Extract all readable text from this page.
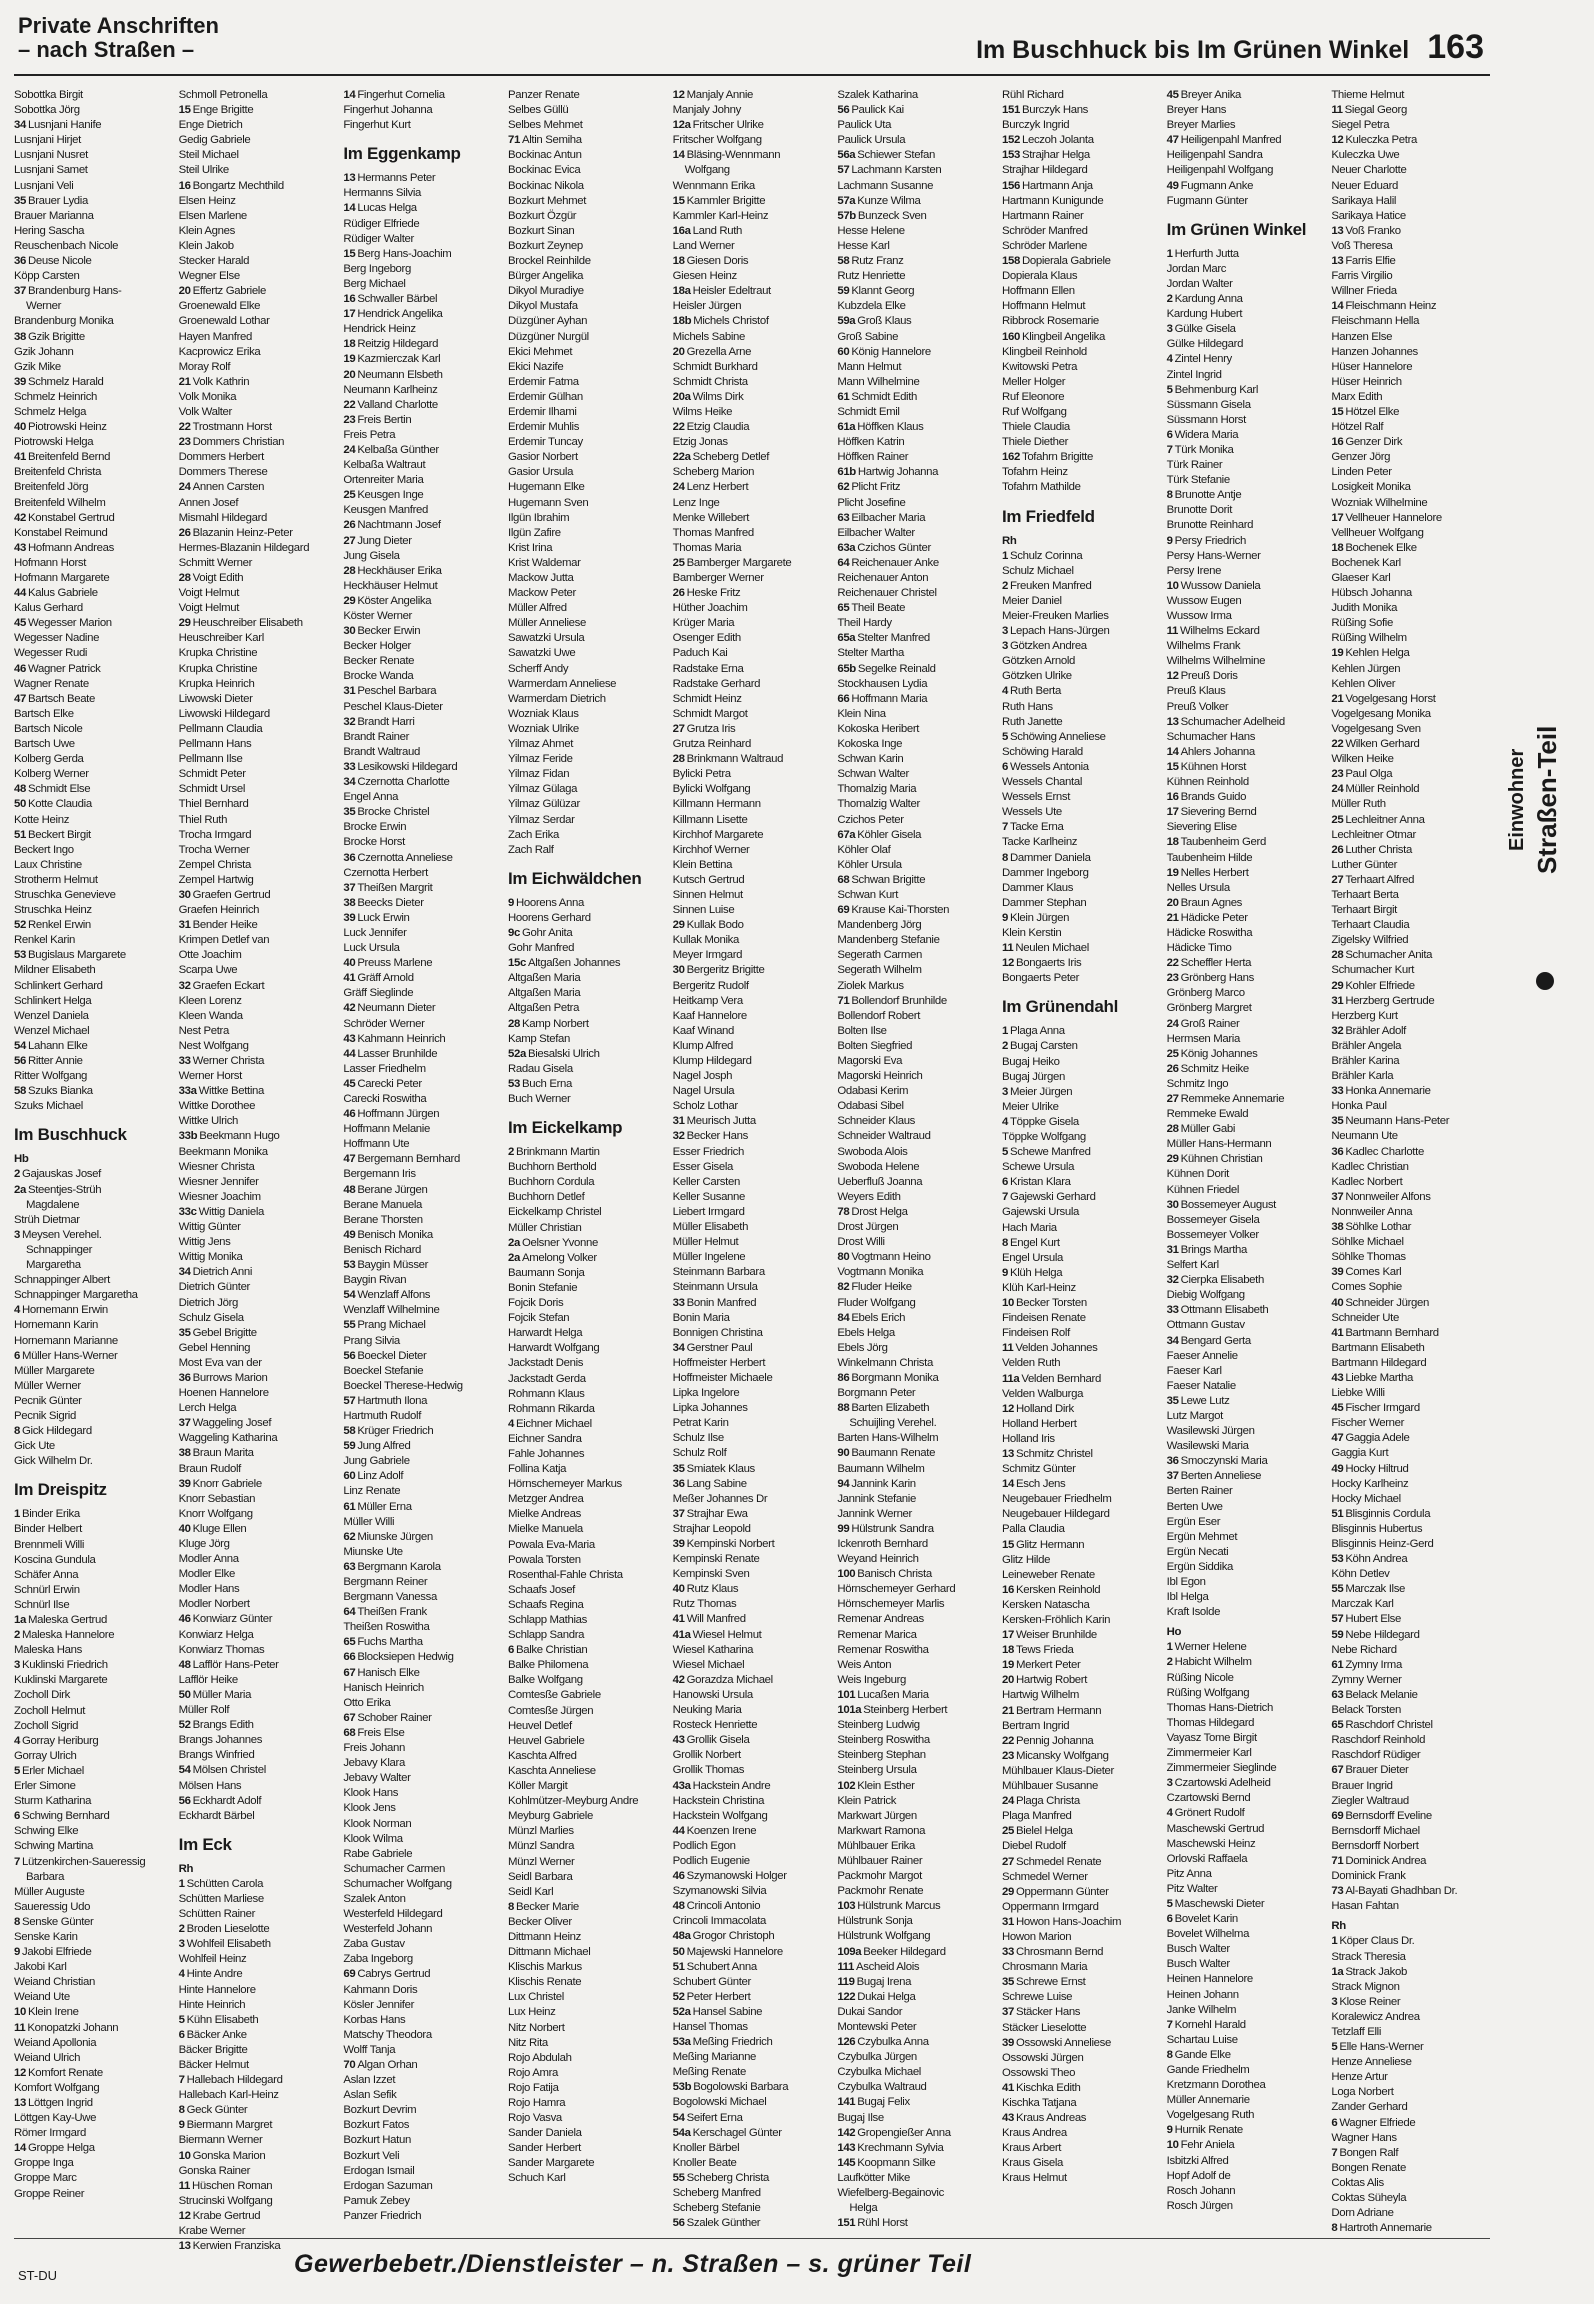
Private Anschriften
– nach Straßen –	Im Buschhuck bis Im Grünen Winkel 163
Sobottka Birgit
Sobottka Jörg
34 Lusnjani Hanife
Lusnjani Hirjet
Lusnjani Nusret
Lusnjani Samet
Lusnjani Veli
35 Brauer Lydia
Brauer Marianna
Hering Sascha
Reuschenbach Nicole
36 Deuse Nicole
Köpp Carsten
37 Brandenburg Hans-
Werner
Brandenburg Monika
38 Gzik Brigitte
Gzik Johann
Gzik Mike
39 Schmelz Harald
Schmelz Heinrich
Schmelz Helga
40 Piotrowski Heinz
Piotrowski Helga
41 Breitenfeld Bernd
Breitenfeld Christa
Breitenfeld Jörg
Breitenfeld Wilhelm
42 Konstabel Gertrud
Konstabel Reimund
43 Hofmann Andreas
Hofmann Horst
Hofmann Margarete
44 Kalus Gabriele
Kalus Gerhard
45 Wegesser Marion
Wegesser Nadine
Wegesser Rudi
46 Wagner Patrick
Wagner Renate
47 Bartsch Beate
Bartsch Elke
Bartsch Nicole
Bartsch Uwe
Kolberg Gerda
Kolberg Werner
48 Schmidt Else
50 Kotte Claudia
Kotte Heinz
51 Beckert Birgit
Beckert Ingo
Laux Christine
Strotherm Helmut
Struschka Genevieve
Struschka Heinz
52 Renkel Erwin
Renkel Karin
53 Bugislaus Margarete
Mildner Elisabeth
Schlinkert Gerhard
Schlinkert Helga
Wenzel Daniela
Wenzel Michael
54 Lahann Elke
56 Ritter Annie
Ritter Wolfgang
58 Szuks Bianka
Szuks Michael
Im Buschhuck
Hb
2 Gajauskas Josef
2a Steentjes-Strüh
Magdalene
Strüh Dietmar
3 Meysen Verehel.
Schnappinger
Margaretha
Schnappinger Albert
Schnappinger Margaretha
4 Hornemann Erwin
Hornemann Karin
Hornemann Marianne
6 Müller Hans-Werner
Müller Margarete
Müller Werner
Pecnik Günter
Pecnik Sigrid
8 Gick Hildegard
Gick Ute
Gick Wilhelm Dr.
Im Dreispitz
1 Binder Erika
Binder Helbert
Brennmeli Willi
Koscina Gundula
Schäfer Anna
Schnürl Erwin
Schnürl Ilse
1a Maleska Gertrud
2 Maleska Hannelore
Maleska Hans
3 Kuklinski Friedrich
Kuklinski Margarete
Zocholl Dirk
Zocholl Helmut
Zocholl Sigrid
4 Gorray Heriburg
Gorray Ulrich
5 Erler Michael
Erler Simone
Sturm Katharina
6 Schwing Bernhard
Schwing Elke
Schwing Martina
7 Lützenkirchen-Saueressig
Barbara
Müller Auguste
Saueressig Udo
8 Senske Günter
Senske Karin
9 Jakobi Elfriede
Jakobi Karl
Weiand Christian
Weiand Ute
10 Klein Irene
11 Konopatzki Johann
Weiand Apollonia
Weiand Ulrich
12 Komfort Renate
Komfort Wolfgang
13 Löttgen Ingrid
Löttgen Kay-Uwe
Römer Irmgard
14 Groppe Helga
Groppe Inga
Groppe Marc
Groppe Reiner
Schmoll Petronella
15 Enge Brigitte
Enge Dietrich
Gedig Gabriele
Steil Michael
Steil Ulrike
16 Bongartz Mechthild
Elsen Heinz
Elsen Marlene
Klein Agnes
Klein Jakob
Stecker Harald
Wegner Else
20 Effertz Gabriele
Groenewald Elke
Groenewald Lothar
Hayen Manfred
Kacprowicz Erika
Moray Rolf
21 Volk Kathrin
Volk Monika
Volk Walter
22 Trostmann Horst
23 Dommers Christian
Dommers Herbert
Dommers Therese
24 Annen Carsten
Annen Josef
Mismahl Hildegard
26 Blazanin Heinz-Peter
Hermes-Blazanin Hildegard
Schmitt Werner
28 Voigt Edith
Voigt Helmut
Voigt Helmut
29 Heuschreiber Elisabeth
Heuschreiber Karl
Krupka Christine
Krupka Christine
Krupka Heinrich
Liwowski Dieter
Liwowski Hildegard
Pellmann Claudia
Pellmann Hans
Pellmann Ilse
Schmidt Peter
Schmidt Ursel
Thiel Bernhard
Thiel Ruth
Trocha Irmgard
Trocha Werner
Zempel Christa
Zempel Hartwig
30 Graefen Gertrud
Graefen Heinrich
31 Bender Heike
Krimpen Detlef van
Otte Joachim
Scarpa Uwe
32 Graefen Eckart
Kleen Lorenz
Kleen Wanda
Nest Petra
Nest Wolfgang
33 Werner Christa
Werner Horst
33a Wittke Bettina
Wittke Dorothee
Wittke Ulrich
33b Beekmann Hugo
Beekmann Monika
Wiesner Christa
Wiesner Jennifer
Wiesner Joachim
33c Wittig Daniela
Wittig Günter
Wittig Jens
Wittig Monika
34 Dietrich Anni
Dietrich Günter
Dietrich Jörg
Schulz Gisela
35 Gebel Brigitte
Gebel Henning
Most Eva van der
36 Burrows Marion
Hoenen Hannelore
Lerch Helga
37 Waggeling Josef
Waggeling Katharina
38 Braun Marita
Braun Rudolf
39 Knorr Gabriele
Knorr Sebastian
Knorr Wolfgang
40 Kluge Ellen
Kluge Jörg
Modler Anna
Modler Elke
Modler Hans
Modler Norbert
46 Konwiarz Günter
Konwiarz Helga
Konwiarz Thomas
48 Lafflör Hans-Peter
Lafflör Heike
50 Müller Maria
Müller Rolf
52 Brangs Edith
Brangs Johannes
Brangs Winfried
54 Mölsen Christel
Mölsen Hans
56 Eckhardt Adolf
Eckhardt Bärbel
Im Eck
Rh
1 Schütten Carola
Schütten Marliese
Schütten Rainer
2 Broden Lieselotte
3 Wohlfeil Elisabeth
Wohlfeil Heinz
4 Hinte Andre
Hinte Hannelore
Hinte Heinrich
5 Kühn Elisabeth
6 Bäcker Anke
Bäcker Brigitte
Bäcker Helmut
7 Hallebach Hildegard
Hallebach Karl-Heinz
8 Geck Günter
9 Biermann Margret
Biermann Werner
10 Gonska Marion
Gonska Rainer
11 Hüschen Roman
Strucinski Wolfgang
12 Krabe Gertrud
Krabe Werner
13 Kerwien Franziska
14 Fingerhut Cornelia
Fingerhut Johanna
Fingerhut Kurt
Im Eggenkamp
13 Hermanns Peter
Hermanns Silvia
14 Lucas Helga
Rüdiger Elfriede
Rüdiger Walter
15 Berg Hans-Joachim
Berg Ingeborg
Berg Michael
16 Schwaller Bärbel
17 Hendrick Angelika
Hendrick Heinz
18 Reitzig Hildegard
19 Kazmierczak Karl
20 Neumann Elsbeth
Neumann Karlheinz
22 Valland Charlotte
23 Freis Bertin
Freis Petra
24 Kelbaßa Günther
Kelbaßa Waltraut
Ortenreiter Maria
25 Keusgen Inge
Keusgen Manfred
26 Nachtmann Josef
27 Jung Dieter
Jung Gisela
28 Heckhäuser Erika
Heckhäuser Helmut
29 Köster Angelika
Köster Werner
30 Becker Erwin
Becker Holger
Becker Renate
Brocke Wanda
31 Peschel Barbara
Peschel Klaus-Dieter
32 Brandt Harri
Brandt Rainer
Brandt Waltraud
33 Lesikowski Hildegard
34 Czernotta Charlotte
Engel Anna
35 Brocke Christel
Brocke Erwin
Brocke Horst
36 Czernotta Anneliese
Czernotta Herbert
37 Theißen Margrit
38 Beecks Dieter
39 Luck Erwin
Luck Jennifer
Luck Ursula
40 Preuss Marlene
41 Gräff Arnold
Gräff Sieglinde
42 Neumann Dieter
Schröder Werner
43 Kahmann Heinrich
44 Lasser Brunhilde
Lasser Friedhelm
45 Carecki Peter
Carecki Roswitha
46 Hoffmann Jürgen
Hoffmann Melanie
Hoffmann Ute
47 Bergemann Bernhard
Bergemann Iris
48 Berane Jürgen
Berane Manuela
Berane Thorsten
49 Benisch Monika
Benisch Richard
53 Baygin Müsser
Baygin Rivan
54 Wenzlaff Alfons
Wenzlaff Wilhelmine
55 Prang Michael
Prang Silvia
56 Boeckel Dieter
Boeckel Stefanie
Boeckel Therese-Hedwig
57 Hartmuth Ilona
Hartmuth Rudolf
58 Krüger Friedrich
59 Jung Alfred
Jung Gabriele
60 Linz Adolf
Linz Renate
61 Müller Erna
Müller Willi
62 Miunske Jürgen
Miunske Ute
63 Bergmann Karola
Bergmann Reiner
Bergmann Vanessa
64 Theißen Frank
Theißen Roswitha
65 Fuchs Martha
66 Blocksiepen Hedwig
67 Hanisch Elke
Hanisch Heinrich
Otto Erika
67 Schober Rainer
68 Freis Else
Freis Johann
Jebavy Klara
Jebavy Walter
Klook Hans
Klook Jens
Klook Norman
Klook Wilma
Rabe Gabriele
Schumacher Carmen
Schumacher Wolfgang
Szalek Anton
Westerfeld Hildegard
Westerfeld Johann
Zaba Gustav
Zaba Ingeborg
69 Cabrys Gertrud
Kahmann Doris
Kösler Jennifer
Korbas Hans
Matschy Theodora
Wolff Tanja
70 Algan Orhan
Aslan Izzet
Aslan Sefik
Bozkurt Devrim
Bozkurt Fatos
Bozkurt Hatun
Bozkurt Veli
Erdogan Ismail
Erdogan Sazuman
Pamuk Zebey
Panzer Friedrich
Panzer Renate
Selbes Güllü
Selbes Mehmet
71 Altin Semiha
Bockinac Antun
Bockinac Evica
Bockinac Nikola
Bozkurt Mehmet
Bozkurt Özgür
Bozkurt Sinan
Bozkurt Zeynep
Brockel Reinhilde
Bürger Angelika
Dikyol Muradiye
Dikyol Mustafa
Düzgüner Ayhan
Düzgüner Nurgül
Ekici Mehmet
Ekici Nazife
Erdemir Fatma
Erdemir Gülhan
Erdemir Ilhami
Erdemir Muhlis
Erdemir Tuncay
Gasior Norbert
Gasior Ursula
Hugemann Elke
Hugemann Sven
Ilgün Ibrahim
Ilgün Zafire
Krist Irina
Krist Waldemar
Mackow Jutta
Mackow Peter
Müller Alfred
Müller Anneliese
Sawatzki Ursula
Sawatzki Uwe
Scherff Andy
Warmerdam Anneliese
Warmerdam Dietrich
Wozniak Klaus
Wozniak Ulrike
Yilmaz Ahmet
Yilmaz Feride
Yilmaz Fidan
Yilmaz Gülaga
Yilmaz Gülüzar
Yilmaz Serdar
Zach Erika
Zach Ralf
Im Eichwäldchen
9 Hoorens Anna
Hoorens Gerhard
9c Gohr Anita
Gohr Manfred
15c Altgaßen Johannes
Altgaßen Maria
Altgaßen Maria
Altgaßen Petra
28 Kamp Norbert
Kamp Stefan
52a Biesalski Ulrich
Radau Gisela
53 Buch Erna
Buch Werner
Im Eickelkamp
2 Brinkmann Martin
Buchhorn Berthold
Buchhorn Cordula
Buchhorn Detlef
Eickelkamp Christel
Müller Christian
2a Oelsner Yvonne
2a Amelong Volker
Baumann Sonja
Bonin Stefanie
Fojcik Doris
Fojcik Stefan
Harwardt Helga
Harwardt Wolfgang
Jackstadt Denis
Jackstadt Gerda
Rohmann Klaus
Rohmann Rikarda
4 Eichner Michael
Eichner Sandra
Fahle Johannes
Follina Katja
Hörnschemeyer Markus
Metzger Andrea
Mielke Andreas
Mielke Manuela
Powala Eva-Maria
Powala Torsten
Rosenthal-Fahle Christa
Schaafs Josef
Schaafs Regina
Schlapp Mathias
Schlapp Sandra
6 Balke Christian
Balke Philomena
Balke Wolfgang
Comtesße Gabriele
Comtesße Jürgen
Heuvel Detlef
Heuvel Gabriele
Kaschta Alfred
Kaschta Anneliese
Köller Margit
Kohlmützer-Meyburg Andre
Meyburg Gabriele
Münzl Marlies
Münzl Sandra
Münzl Werner
Seidl Barbara
Seidl Karl
8 Becker Marie
Becker Oliver
Dittmann Heinz
Dittmann Michael
Klischis Markus
Klischis Renate
Lux Christel
Lux Heinz
Nitz Norbert
Nitz Rita
Rojo Abdulah
Rojo Amra
Rojo Fatija
Rojo Hamra
Rojo Vasva
Sander Daniela
Sander Herbert
Sander Margarete
Schuch Karl
12 Manjaly Annie
Manjaly Johny
12a Fritscher Ulrike
Fritscher Wolfgang
14 Bläsing-Wennmann
Wolfgang
Wennmann Erika
15 Kammler Brigitte
Kammler Karl-Heinz
16a Land Ruth
Land Werner
18 Giesen Doris
Giesen Heinz
18a Heisler Edeltraut
Heisler Jürgen
18b Michels Christof
Michels Sabine
20 Grezella Arne
Schmidt Burkhard
Schmidt Christa
20a Wilms Dirk
Wilms Heike
22 Etzig Claudia
Etzig Jonas
22a Scheberg Detlef
Scheberg Marion
24 Lenz Herbert
Lenz Inge
Menke Willebert
Thomas Manfred
Thomas Maria
25 Bamberger Margarete
Bamberger Werner
26 Heske Fritz
Hüther Joachim
Krüger Maria
Osenger Edith
Paduch Kai
Radstake Erna
Radstake Gerhard
Schmidt Heinz
Schmidt Margot
27 Grutza Iris
Grutza Reinhard
28 Brinkmann Waltraud
Bylicki Petra
Bylicki Wolfgang
Killmann Hermann
Killmann Lisette
Kirchhof Margarete
Kirchhof Werner
Klein Bettina
Kutsch Gertrud
Sinnen Helmut
Sinnen Luise
29 Kullak Bodo
Kullak Monika
Meyer Irmgard
30 Bergeritz Brigitte
Bergeritz Rudolf
Heitkamp Vera
Kaaf Hannelore
Kaaf Winand
Klump Alfred
Klump Hildegard
Nagel Josph
Nagel Ursula
Scholz Lothar
31 Meurisch Jutta
32 Becker Hans
Esser Friedrich
Esser Gisela
Keller Carsten
Keller Susanne
Liebert Irmgard
Müller Elisabeth
Müller Helmut
Müller Ingelene
Steinmann Barbara
Steinmann Ursula
33 Bonin Manfred
Bonin Maria
Bonnigen Christina
34 Gerstner Paul
Hoffmeister Herbert
Hoffmeister Michaele
Lipka Ingelore
Lipka Johannes
Petrat Karin
Schulz Ilse
Schulz Rolf
35 Smiatek Klaus
36 Lang Sabine
Meßer Johannes Dr
37 Strajhar Ewa
Strajhar Leopold
39 Kempinski Norbert
Kempinski Renate
Kempinski Sven
40 Rutz Klaus
Rutz Thomas
41 Will Manfred
41a Wiesel Helmut
Wiesel Katharina
Wiesel Michael
42 Gorazdza Michael
Hanowski Ursula
Neuking Maria
Rosteck Henriette
43 Grollik Gisela
Grollik Norbert
Grollik Thomas
43a Hackstein Andre
Hackstein Christina
Hackstein Wolfgang
44 Koenzen Irene
Podlich Egon
Podlich Eugenie
46 Szymanowski Holger
Szymanowski Silvia
48 Crincoli Antonio
Crincoli Immacolata
48a Grogor Christoph
50 Majewski Hannelore
51 Schubert Anna
Schubert Günter
52 Peter Herbert
52a Hansel Sabine
Hansel Thomas
53a Meßing Friedrich
Meßing Marianne
Meßing Renate
53b Bogolowski Barbara
Bogolowski Michael
54 Seifert Erna
54a Kerschagel Günter
Knoller Bärbel
Knoller Beate
55 Scheberg Christa
Scheberg Manfred
Scheberg Stefanie
56 Szalek Günther
Szalek Katharina
56 Paulick Kai
Paulick Uta
Paulick Ursula
56a Schiewer Stefan
57 Lachmann Karsten
Lachmann Susanne
57a Kunze Wilma
57b Bunzeck Sven
Hesse Helene
Hesse Karl
58 Rutz Franz
Rutz Henriette
59 Klannt Georg
Kubzdela Elke
59a Groß Klaus
Groß Sabine
60 König Hannelore
Mann Helmut
Mann Wilhelmine
61 Schmidt Edith
Schmidt Emil
61a Höffken Klaus
Höffken Katrin
Höffken Rainer
61b Hartwig Johanna
62 Plicht Fritz
Plicht Josefine
63 Eilbacher Maria
Eilbacher Walter
63a Czichos Günter
64 Reichenauer Anke
Reichenauer Anton
Reichenauer Christel
65 Theil Beate
Theil Hardy
65a Stelter Manfred
Stelter Martha
65b Segelke Reinald
Stockhausen Lydia
66 Hoffmann Maria
Klein Nina
Kokoska Heribert
Kokoska Inge
Schwan Karin
Schwan Walter
Thomalzig Maria
Thomalzig Walter
Czichos Peter
67a Köhler Gisela
Köhler Olaf
Köhler Ursula
68 Schwan Brigitte
Schwan Kurt
69 Krause Kai-Thorsten
Mandenberg Jörg
Mandenberg Stefanie
Segerath Carmen
Segerath Wilhelm
Ziolek Markus
71 Bollendorf Brunhilde
Bollendorf Robert
Bolten Ilse
Bolten Siegfried
Magorski Eva
Magorski Heinrich
Odabasi Kerim
Odabasi Sibel
Schneider Klaus
Schneider Waltraud
Swoboda Alois
Swoboda Helene
Ueberfluß Joanna
Weyers Edith
78 Drost Helga
Drost Jürgen
Drost Willi
80 Vogtmann Heino
Vogtmann Monika
82 Fluder Heike
Fluder Wolfgang
84 Ebels Erich
Ebels Helga
Ebels Jörg
Winkelmann Christa
86 Borgmann Monika
Borgmann Peter
88 Barten Elizabeth
Schuijling Verehel.
Barten Hans-Wilhelm
90 Baumann Renate
Baumann Wilhelm
94 Jannink Karin
Jannink Stefanie
Jannink Werner
99 Hülstrunk Sandra
Ickenroth Bernhard
Weyand Heinrich
100 Banisch Christa
Hörnschemeyer Gerhard
Hörnschemeyer Marlis
Remenar Andreas
Remenar Marica
Remenar Roswitha
Weis Anton
Weis Ingeburg
101 Lucaßen Maria
101a Steinberg Herbert
Steinberg Ludwig
Steinberg Roswitha
Steinberg Stephan
Steinberg Ursula
102 Klein Esther
Klein Patrick
Markwart Jürgen
Markwart Ramona
Mühlbauer Erika
Mühlbauer Rainer
Packmohr Margot
Packmohr Renate
103 Hülstrunk Marcus
Hülstrunk Sonja
Hülstrunk Wolfgang
109a Beeker Hildegard
111 Ascheid Alois
119 Bugaj Irena
122 Dukai Helga
Dukai Sandor
Montewski Peter
126 Czybulka Anna
Czybulka Jürgen
Czybulka Michael
Czybulka Waltraud
141 Bugaj Felix
Bugaj Ilse
142 Gropengießer Anna
143 Krechmann Sylvia
145 Koopmann Silke
Laufkötter Mike
Wiefelberg-Begainovic
Helga
151 Rühl Horst
Rühl Richard
151 Burczyk Hans
Burczyk Ingrid
152 Leczoh Jolanta
153 Strajhar Helga
Strajhar Hildegard
156 Hartmann Anja
Hartmann Kunigunde
Hartmann Rainer
Schröder Manfred
Schröder Marlene
158 Dopierala Gabriele
Dopierala Klaus
Hoffmann Ellen
Hoffmann Helmut
Ribbrock Rosemarie
160 Klingbeil Angelika
Klingbeil Reinhold
Kwitowski Petra
Meller Holger
Ruf Eleonore
Ruf Wolfgang
Thiele Claudia
Thiele Diether
162 Tofahrn Brigitte
Tofahrn Heinz
Tofahrn Mathilde
Im Friedfeld
Rh
1 Schulz Corinna
Schulz Michael
2 Freuken Manfred
Meier Daniel
Meier-Freuken Marlies
3 Lepach Hans-Jürgen
3 Götzken Andrea
Götzken Arnold
Götzken Ulrike
4 Ruth Berta
Ruth Hans
Ruth Janette
5 Schöwing Anneliese
Schöwing Harald
6 Wessels Antonia
Wessels Chantal
Wessels Ernst
Wessels Ute
7 Tacke Erna
Tacke Karlheinz
8 Dammer Daniela
Dammer Ingeborg
Dammer Klaus
Dammer Stephan
9 Klein Jürgen
Klein Kerstin
11 Neulen Michael
12 Bongaerts Iris
Bongaerts Peter
Im Grünendahl
1 Plaga Anna
2 Bugaj Carsten
Bugaj Heiko
Bugaj Jürgen
3 Meier Jürgen
Meier Ulrike
4 Töppke Gisela
Töppke Wolfgang
5 Schewe Manfred
Schewe Ursula
6 Kristan Klara
7 Gajewski Gerhard
Gajewski Ursula
Hach Maria
8 Engel Kurt
Engel Ursula
9 Klüh Helga
Klüh Karl-Heinz
10 Becker Torsten
Findeisen Renate
Findeisen Rolf
11 Velden Johannes
Velden Ruth
11a Velden Bernhard
Velden Walburga
12 Holland Dirk
Holland Herbert
Holland Iris
13 Schmitz Christel
Schmitz Günter
14 Esch Jens
Neugebauer Friedhelm
Neugebauer Hildegard
Palla Claudia
15 Glitz Hermann
Glitz Hilde
Leineweber Renate
16 Kersken Reinhold
Kersken Natascha
Kersken-Fröhlich Karin
17 Weiser Brunhilde
18 Tews Frieda
19 Merkert Peter
20 Hartwig Robert
Hartwig Wilhelm
21 Bertram Hermann
Bertram Ingrid
22 Pennig Johanna
23 Micansky Wolfgang
Mühlbauer Klaus-Dieter
Mühlbauer Susanne
24 Plaga Christa
Plaga Manfred
25 Bielel Helga
Diebel Rudolf
27 Schmedel Renate
Schmedel Werner
29 Oppermann Günter
Oppermann Irmgard
31 Howon Hans-Joachim
Howon Marion
33 Chrosmann Bernd
Chrosmann Maria
35 Schrewe Ernst
Schrewe Luise
37 Stäcker Hans
Stäcker Lieselotte
39 Ossowski Anneliese
Ossowski Jürgen
Ossowski Theo
41 Kischka Edith
Kischka Tatjana
43 Kraus Andreas
Kraus Andrea
Kraus Arbert
Kraus Gisela
Kraus Helmut
45 Breyer Anika
Breyer Hans
Breyer Marlies
47 Heiligenpahl Manfred
Heiligenpahl Sandra
Heiligenpahl Wolfgang
49 Fugmann Anke
Fugmann Günter
Im Grünen Winkel
1 Herfurth Jutta
Jordan Marc
Jordan Walter
2 Kardung Anna
Kardung Hubert
3 Gülke Gisela
Gülke Hildegard
4 Zintel Henry
Zintel Ingrid
5 Behmenburg Karl
Süssmann Gisela
Süssmann Horst
6 Widera Maria
7 Türk Monika
Türk Rainer
Türk Stefanie
8 Brunotte Antje
Brunotte Dorit
Brunotte Reinhard
9 Persy Friedrich
Persy Hans-Werner
Persy Irene
10 Wussow Daniela
Wussow Eugen
Wussow Irma
11 Wilhelms Eckard
Wilhelms Frank
Wilhelms Wilhelmine
12 Preuß Doris
Preuß Klaus
Preuß Volker
13 Schumacher Adelheid
Schumacher Hans
14 Ahlers Johanna
15 Kühnen Horst
Kühnen Reinhold
16 Brands Guido
17 Sievering Bernd
Sievering Elise
18 Taubenheim Gerd
Taubenheim Hilde
19 Nelles Herbert
Nelles Ursula
20 Braun Agnes
21 Hädicke Peter
Hädicke Roswitha
Hädicke Timo
22 Scheffler Herta
23 Grönberg Hans
Grönberg Marco
Grönberg Margret
24 Groß Rainer
Hermsen Maria
25 König Johannes
26 Schmitz Heike
Schmitz Ingo
27 Remmeke Annemarie
Remmeke Ewald
28 Müller Gabi
Müller Hans-Hermann
29 Kühnen Christian
Kühnen Dorit
Kühnen Friedel
30 Bossemeyer August
Bossemeyer Gisela
Bossemeyer Volker
31 Brings Martha
Selfert Karl
32 Cierpka Elisabeth
Diebig Wolfgang
33 Ottmann Elisabeth
Ottmann Gustav
34 Bengard Gerta
Faeser Annelie
Faeser Karl
Faeser Natalie
35 Lewe Lutz
Lutz Margot
Wasilewski Jürgen
Wasilewski Maria
36 Smoczynski Maria
37 Berten Anneliese
Berten Rainer
Berten Uwe
Ergün Eser
Ergün Mehmet
Ergün Necati
Ergün Siddika
Ibl Egon
Ibl Helga
Kraft Isolde
Ho
1 Werner Helene
2 Habicht Wilhelm
Rüßing Nicole
Rüßing Wolfgang
Thomas Hans-Dietrich
Thomas Hildegard
Vayasz Tome Birgit
Zimmermeier Karl
Zimmermeier Sieglinde
3 Czartowski Adelheid
Czartowski Bernd
4 Grönert Rudolf
Maschewski Gertrud
Maschewski Heinz
Orlovski Raffaela
Pitz Anna
Pitz Walter
5 Maschewski Dieter
6 Bovelet Karin
Bovelet Wilhelma
Busch Walter
Busch Walter
Heinen Hannelore
Heinen Johann
Janke Wilhelm
7 Kornehl Harald
Schartau Luise
8 Gande Elke
Gande Friedhelm
Kretzmann Dorothea
Müller Annemarie
Vogelgesang Ruth
9 Hurnik Renate
10 Fehr Aniela
Isbitzki Alfred
Hopf Adolf de
Rosch Johann
Rosch Jürgen
Thieme Helmut
11 Siegal Georg
Siegel Petra
12 Kuleczka Petra
Kuleczka Uwe
Neuer Charlotte
Neuer Eduard
Sarikaya Halil
Sarikaya Hatice
13 Voß Franko
Voß Theresa
13 Farris Elfie
Farris Virgilio
Willner Frieda
14 Fleischmann Heinz
Fleischmann Hella
Hanzen Else
Hanzen Johannes
Hüser Hannelore
Hüser Heinrich
Marx Edith
15 Hötzel Elke
Hötzel Ralf
16 Genzer Dirk
Genzer Jörg
Linden Peter
Losigkeit Monika
Wozniak Wilhelmine
17 Vellheuer Hannelore
Vellheuer Wolfgang
18 Bochenek Elke
Bochenek Karl
Glaeser Karl
Hübsch Johanna
Judith Monika
Rüßing Sofie
Rüßing Wilhelm
19 Kehlen Helga
Kehlen Jürgen
Kehlen Oliver
21 Vogelgesang Horst
Vogelgesang Monika
Vogelgesang Sven
22 Wilken Gerhard
Wilken Heike
23 Paul Olga
24 Müller Reinhold
Müller Ruth
25 Lechleitner Anna
Lechleitner Otmar
26 Luther Christa
Luther Günter
27 Terhaart Alfred
Terhaart Berta
Terhaart Birgit
Terhaart Claudia
Zigelsky Wilfried
28 Schumacher Anita
Schumacher Kurt
29 Kohler Elfriede
31 Herzberg Gertrude
Herzberg Kurt
32 Brähler Adolf
Brähler Angela
Brähler Karina
Brähler Karla
33 Honka Annemarie
Honka Paul
35 Neumann Hans-Peter
Neumann Ute
36 Kadlec Charlotte
Kadlec Christian
Kadlec Norbert
37 Nonnweiler Alfons
Nonnweiler Anna
38 Söhlke Lothar
Söhlke Michael
Söhlke Thomas
39 Comes Karl
Comes Sophie
40 Schneider Jürgen
Schneider Ute
41 Bartmann Bernhard
Bartmann Elisabeth
Bartmann Hildegard
43 Liebke Martha
Liebke Willi
45 Fischer Irmgard
Fischer Werner
47 Gaggia Adele
Gaggia Kurt
49 Hocky Hiltrud
Hocky Karlheinz
Hocky Michael
51 Blisginnis Cordula
Blisginnis Hubertus
Blisginnis Heinz-Gerd
53 Köhn Andrea
Köhn Detlev
55 Marczak Ilse
Marczak Karl
57 Hubert Else
59 Nebe Hildegard
Nebe Richard
61 Zymny Irma
Zymny Werner
63 Belack Melanie
Belack Torsten
65 Raschdorf Christel
Raschdorf Reinhold
Raschdorf Rüdiger
67 Brauer Dieter
Brauer Ingrid
Ziegler Waltraud
69 Bernsdorff Eveline
Bernsdorff Michael
Bernsdorff Norbert
71 Dominick Andrea
Dominick Frank
73 Al-Bayati Ghadhban Dr.
Hasan Fahtan
Rh
1 Köper Claus Dr.
Strack Theresia
1a Strack Jakob
Strack Mignon
3 Klose Reiner
Koralewicz Andrea
Tetzlaff Elli
5 Elle Hans-Werner
Henze Anneliese
Henze Artur
Loga Norbert
Zander Gerhard
6 Wagner Elfriede
Wagner Hans
7 Bongen Ralf
Bongen Renate
Coktas Alis
Coktas Süheyla
Dorn Adriane
8 Hartroth Annemarie
Einwohner Straßen-Teil
ST-DU	Gewerbebetr./Dienstleister – n. Straßen – s. grüner Teil
